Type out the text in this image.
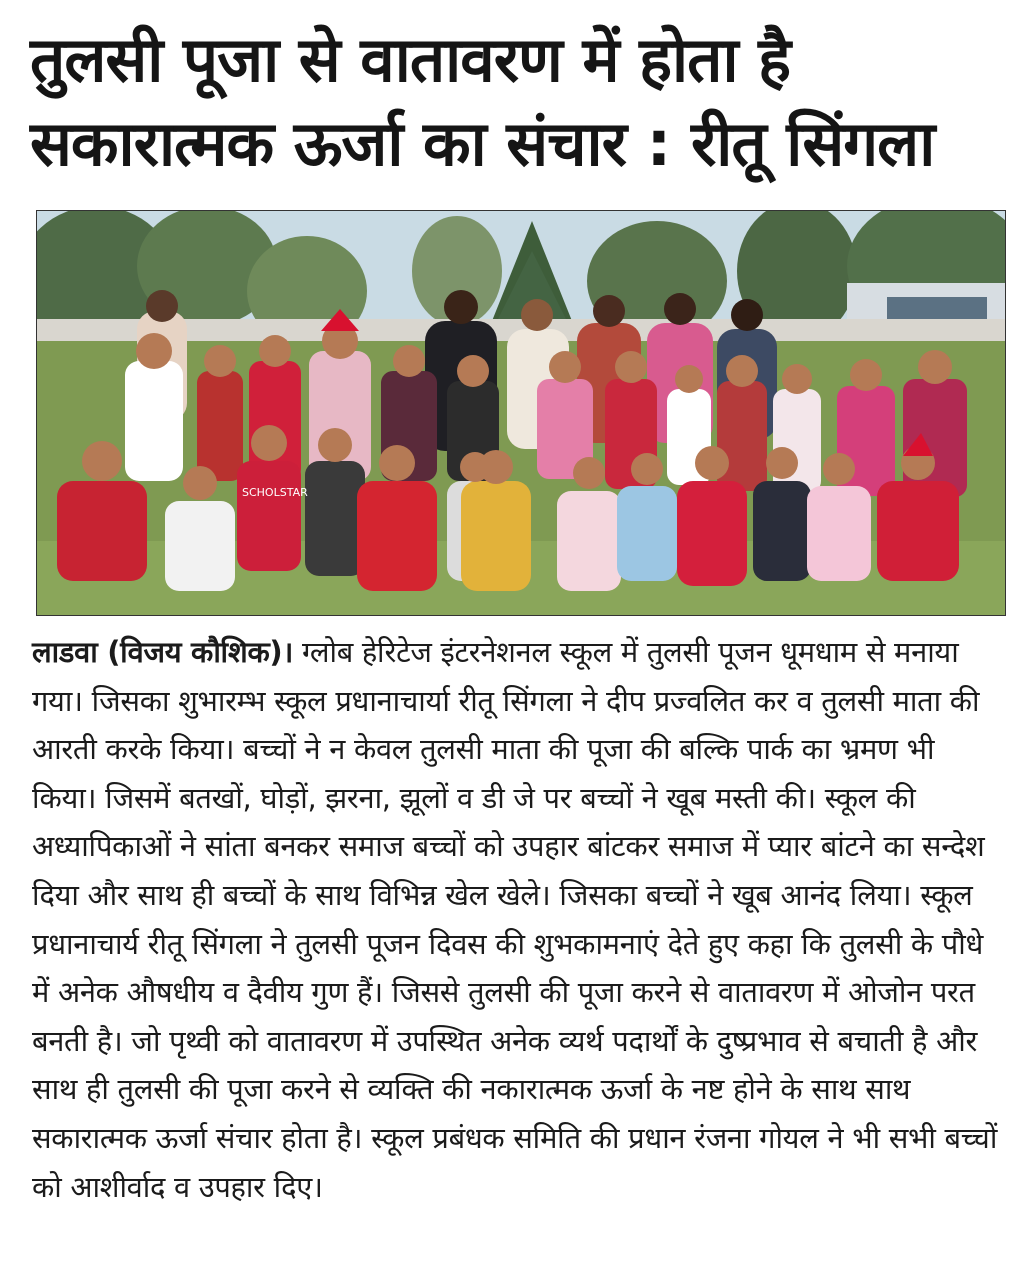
तुलसी पूजा से वातावरण में होता है सकारात्मक ऊर्जा का संचार : रीतू सिंगला
SCHOLSTAR

लाडवा (विजय कौशिक)। ग्लोब हेरिटेज इंटरनेशनल स्कूल में तुलसी पूजन धूमधाम से मनाया गया। जिसका शुभारम्भ स्कूल प्रधानाचार्या रीतू सिंगला ने दीप प्रज्वलित कर व तुलसी माता की आरती करके किया। बच्चों ने न केवल तुलसी माता की पूजा की बल्कि पार्क का भ्रमण भी किया। जिसमें बतखों, घोड़ों, झरना, झूलों व डी जे पर बच्चों ने खूब मस्ती की। स्कूल की अध्यापिकाओं ने सांता बनकर समाज बच्चों को उपहार बांटकर समाज में प्यार बांटने का सन्देश दिया और साथ ही बच्चों के साथ विभिन्न खेल खेले। जिसका बच्चों ने खूब आनंद लिया। स्कूल प्रधानाचार्य रीतू सिंगला ने तुलसी पूजन दिवस की शुभकामनाएं देते हुए कहा कि तुलसी के पौधे में अनेक औषधीय व दैवीय गुण हैं। जिससे तुलसी की पूजा करने से वातावरण में ओजोन परत बनती है। जो पृथ्वी को वातावरण में उपस्थित अनेक व्यर्थ पदार्थों के दुष्प्रभाव से बचाती है और साथ ही तुलसी की पूजा करने से व्यक्ति की नकारात्मक ऊर्जा के नष्ट होने के साथ साथ सकारात्मक ऊर्जा संचार होता है। स्कूल प्रबंधक समिति की प्रधान रंजना गोयल ने भी सभी बच्चों को आशीर्वाद व उपहार दिए।
